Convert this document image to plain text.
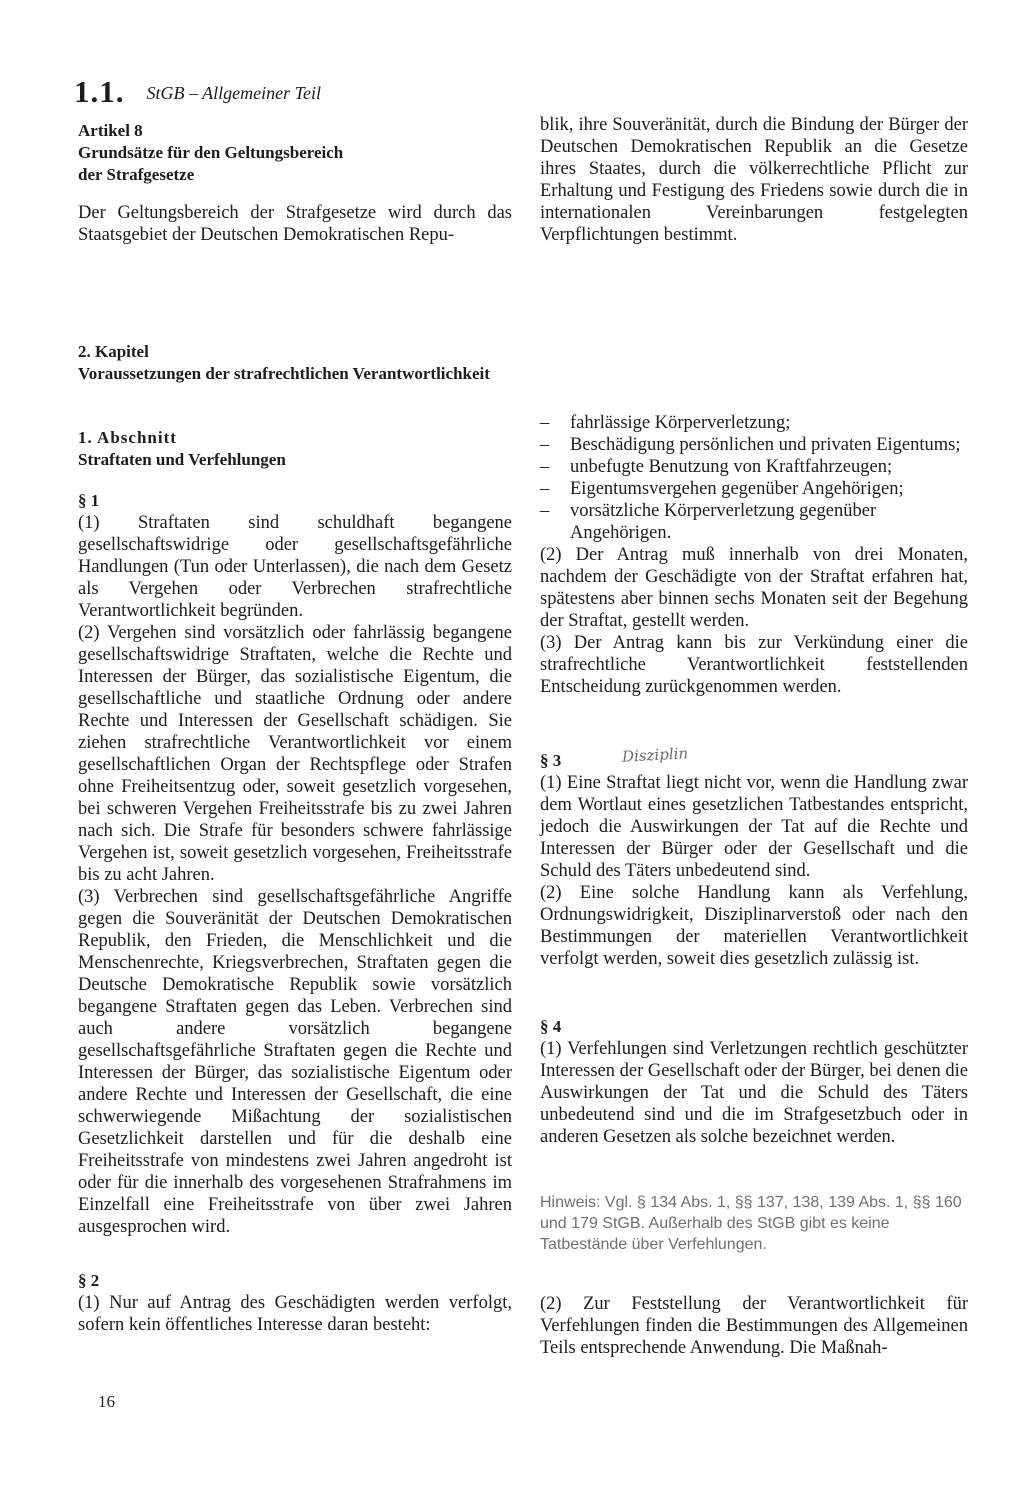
1.1. StGB – Allgemeiner Teil
Artikel 8
Grundsätze für den Geltungsbereich
der Strafgesetze
Der Geltungsbereich der Strafgesetze wird durch das Staatsgebiet der Deutschen Demokratischen Repu-
blik, ihre Souveränität, durch die Bindung der Bürger der Deutschen Demokratischen Republik an die Gesetze ihres Staates, durch die völkerrechtliche Pflicht zur Erhaltung und Festigung des Friedens sowie durch die in internationalen Vereinbarungen festgelegten Verpflichtungen bestimmt.
2. Kapitel
Voraussetzungen der strafrechtlichen Verantwortlichkeit
1. Abschnitt
Straftaten und Verfehlungen

§ 1

(1) Straftaten sind schuldhaft begangene gesellschaftswidrige oder gesellschaftsgefährliche Handlungen (Tun oder Unterlassen), die nach dem Gesetz als Vergehen oder Verbrechen strafrechtliche Verantwortlichkeit begründen.

(2) Vergehen sind vorsätzlich oder fahrlässig begangene gesellschaftswidrige Straftaten, welche die Rechte und Interessen der Bürger, das sozialistische Eigentum, die gesellschaftliche und staatliche Ordnung oder andere Rechte und Interessen der Gesellschaft schädigen. Sie ziehen strafrechtliche Verantwortlichkeit vor einem gesellschaftlichen Organ der Rechtspflege oder Strafen ohne Freiheitsentzug oder, soweit gesetzlich vorgesehen, bei schweren Vergehen Freiheitsstrafe bis zu zwei Jahren nach sich. Die Strafe für besonders schwere fahrlässige Vergehen ist, soweit gesetzlich vorgesehen, Freiheitsstrafe bis zu acht Jahren.

(3) Verbrechen sind gesellschaftsgefährliche Angriffe gegen die Souveränität der Deutschen Demokratischen Republik, den Frieden, die Menschlichkeit und die Menschenrechte, Kriegsverbrechen, Straftaten gegen die Deutsche Demokratische Republik sowie vorsätzlich begangene Straftaten gegen das Leben. Verbrechen sind auch andere vorsätzlich begangene gesellschaftsgefährliche Straftaten gegen die Rechte und Interessen der Bürger, das sozialistische Eigentum oder andere Rechte und Interessen der Gesellschaft, die eine schwerwiegende Mißachtung der sozialistischen Gesetzlichkeit darstellen und für die deshalb eine Freiheitsstrafe von mindestens zwei Jahren angedroht ist oder für die innerhalb des vorgesehenen Strafrahmens im Einzelfall eine Freiheitsstrafe von über zwei Jahren ausgesprochen wird.

§ 2

(1) Nur auf Antrag des Geschädigten werden verfolgt, sofern kein öffentliches Interesse daran besteht:

– fahrlässige Körperverletzung;
– Beschädigung persönlichen und privaten Eigentums;
– unbefugte Benutzung von Kraftfahrzeugen;
– Eigentumsvergehen gegenüber Angehörigen;
– vorsätzliche Körperverletzung gegenüber Angehörigen.

(2) Der Antrag muß innerhalb von drei Monaten, nachdem der Geschädigte von der Straftat erfahren hat, spätestens aber binnen sechs Monaten seit der Begehung der Straftat, gestellt werden.

(3) Der Antrag kann bis zur Verkündung einer die strafrechtliche Verantwortlichkeit feststellenden Entscheidung zurückgenommen werden.

§ 3

(1) Eine Straftat liegt nicht vor, wenn die Handlung zwar dem Wortlaut eines gesetzlichen Tatbestandes entspricht, jedoch die Auswirkungen der Tat auf die Rechte und Interessen der Bürger oder der Gesellschaft und die Schuld des Täters unbedeutend sind.

(2) Eine solche Handlung kann als Verfehlung, Ordnungswidrigkeit, Disziplinarverstoß oder nach den Bestimmungen der materiellen Verantwortlichkeit verfolgt werden, soweit dies gesetzlich zulässig ist.

Disziplin

§ 4

(1) Verfehlungen sind Verletzungen rechtlich geschützter Interessen der Gesellschaft oder der Bürger, bei denen die Auswirkungen der Tat und die Schuld des Täters unbedeutend sind und die im Strafgesetzbuch oder in anderen Gesetzen als solche bezeichnet werden.

Hinweis: Vgl. § 134 Abs. 1, §§ 137, 138, 139 Abs. 1, §§ 160 und 179 StGB. Außerhalb des StGB gibt es keine Tatbestände über Verfehlungen.
(2) Zur Feststellung der Verantwortlichkeit für Verfehlungen finden die Bestimmungen des Allgemeinen Teils entsprechende Anwendung. Die Maßnah-
16
